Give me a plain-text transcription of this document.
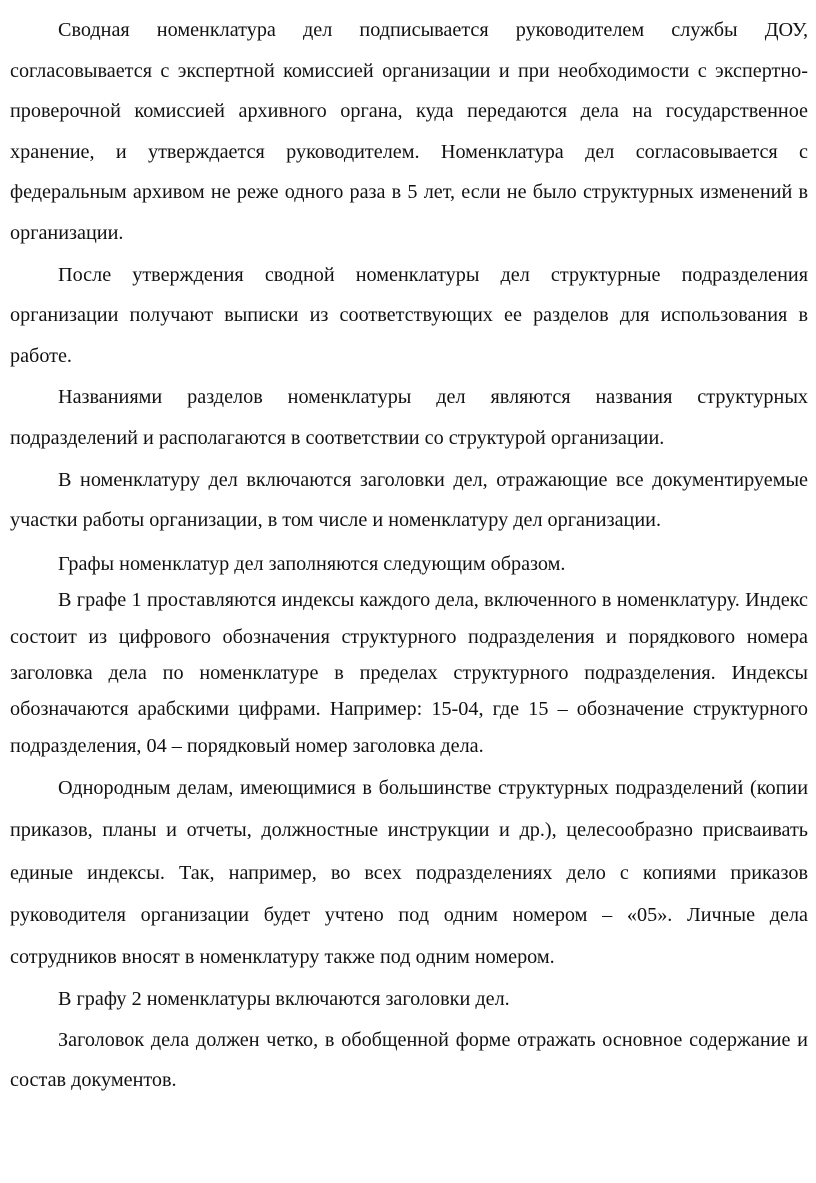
Сводная номенклатура дел подписывается руководителем службы ДОУ, согласовывается с экспертной комиссией организации и при необходимости с экспертно-проверочной комиссией архивного органа, куда передаются дела на государственное хранение, и утверждается руководителем. Номенклатура дел согласовывается с федеральным архивом не реже одного раза в 5 лет, если не было структурных изменений в организации.

После утверждения сводной номенклатуры дел структурные подразделения организации получают выписки из соответствующих ее разделов для использования в работе.

Названиями разделов номенклатуры дел являются названия структурных подразделений и располагаются в соответствии со структурой организации.

В номенклатуру дел включаются заголовки дел, отражающие все документируемые участки работы организации, в том числе и номенклатуру дел организации.

Графы номенклатур дел заполняются следующим образом.

В графе 1 проставляются индексы каждого дела, включенного в номенклатуру. Индекс состоит из цифрового обозначения структурного подразделения и порядкового номера заголовка дела по номенклатуре в пределах структурного подразделения. Индексы обозначаются арабскими цифрами. Например: 15-04, где 15 – обозначение структурного подразделения, 04 – порядковый номер заголовка дела.

Однородным делам, имеющимися в большинстве структурных подразделений (копии приказов, планы и отчеты, должностные инструкции и др.), целесообразно присваивать единые индексы. Так, например, во всех подразделениях дело с копиями приказов руководителя организации будет учтено под одним номером – «05». Личные дела сотрудников вносят в номенклатуру также под одним номером.

В графу 2 номенклатуры включаются заголовки дел.

Заголовок дела должен четко, в обобщенной форме отражать основное содержание и состав документов.
